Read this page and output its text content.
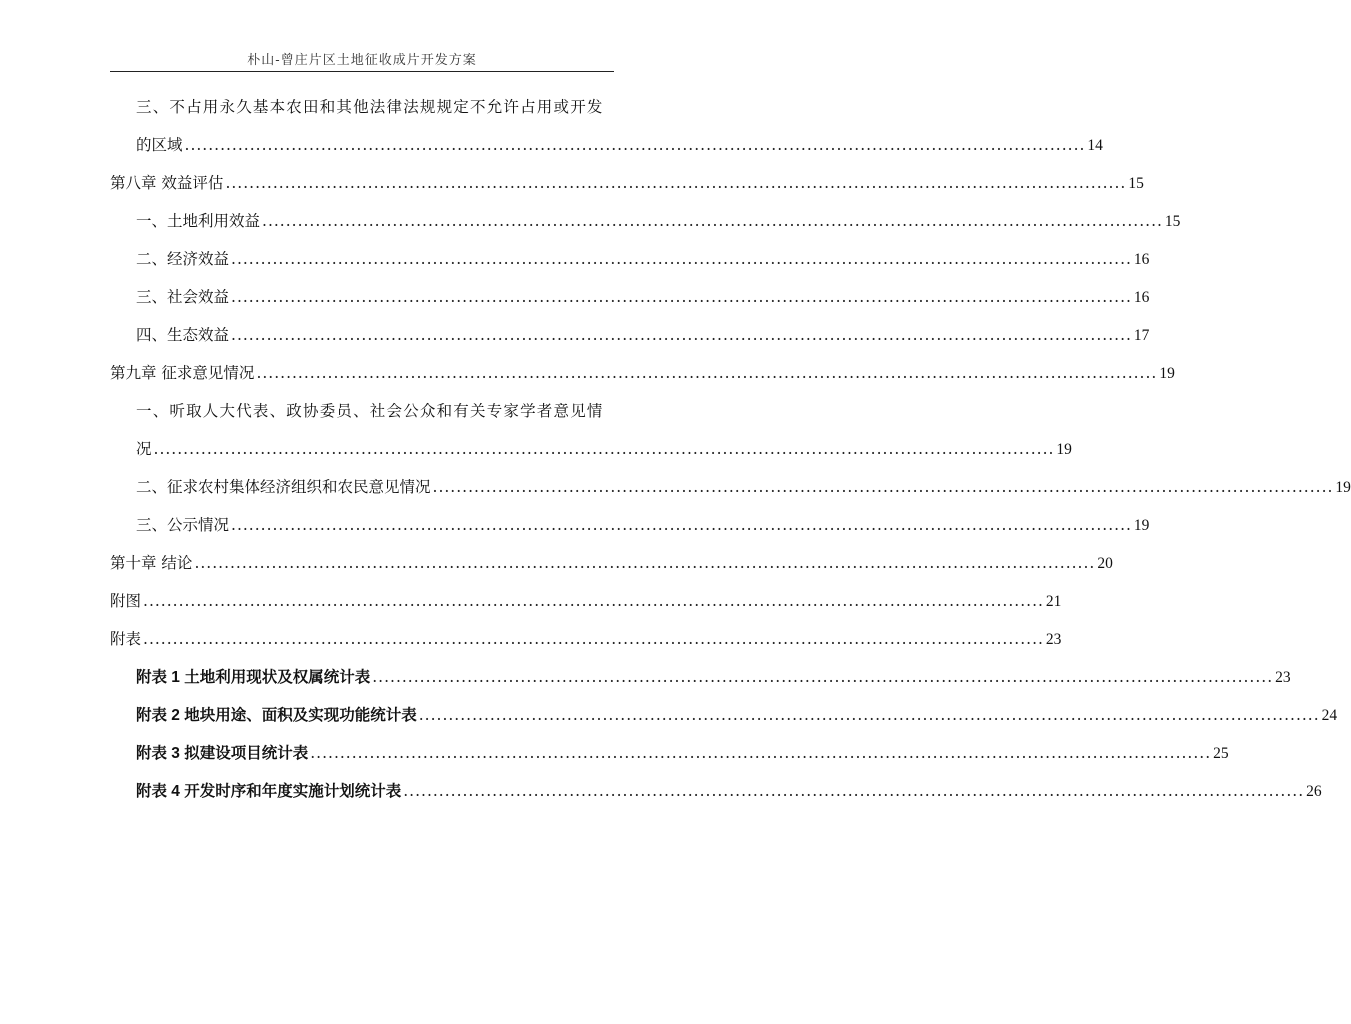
朴山-曾庄片区土地征收成片开发方案
三、不占用永久基本农田和其他法律法规规定不允许占用或开发
的区域 ........................................................................................................................................................ 14
第八章 效益评估 ........................................................................................................................................................ 15
一、土地利用效益 ........................................................................................................................................................ 15
二、经济效益 ........................................................................................................................................................ 16
三、社会效益 ........................................................................................................................................................ 16
四、生态效益 ........................................................................................................................................................ 17
第九章 征求意见情况 ........................................................................................................................................................ 19
一、听取人大代表、政协委员、社会公众和有关专家学者意见情
况 ........................................................................................................................................................ 19
二、征求农村集体经济组织和农民意见情况 ........................................................................................................................................................ 19
三、公示情况 ........................................................................................................................................................ 19
第十章 结论 ........................................................................................................................................................ 20
附图 ........................................................................................................................................................ 21
附表 ........................................................................................................................................................ 23
附表 1 土地利用现状及权属统计表 ........................................................................................................................................................ 23
附表 2 地块用途、面积及实现功能统计表 ........................................................................................................................................................ 24
附表 3 拟建设项目统计表 ........................................................................................................................................................ 25
附表 4 开发时序和年度实施计划统计表 ........................................................................................................................................................ 26
